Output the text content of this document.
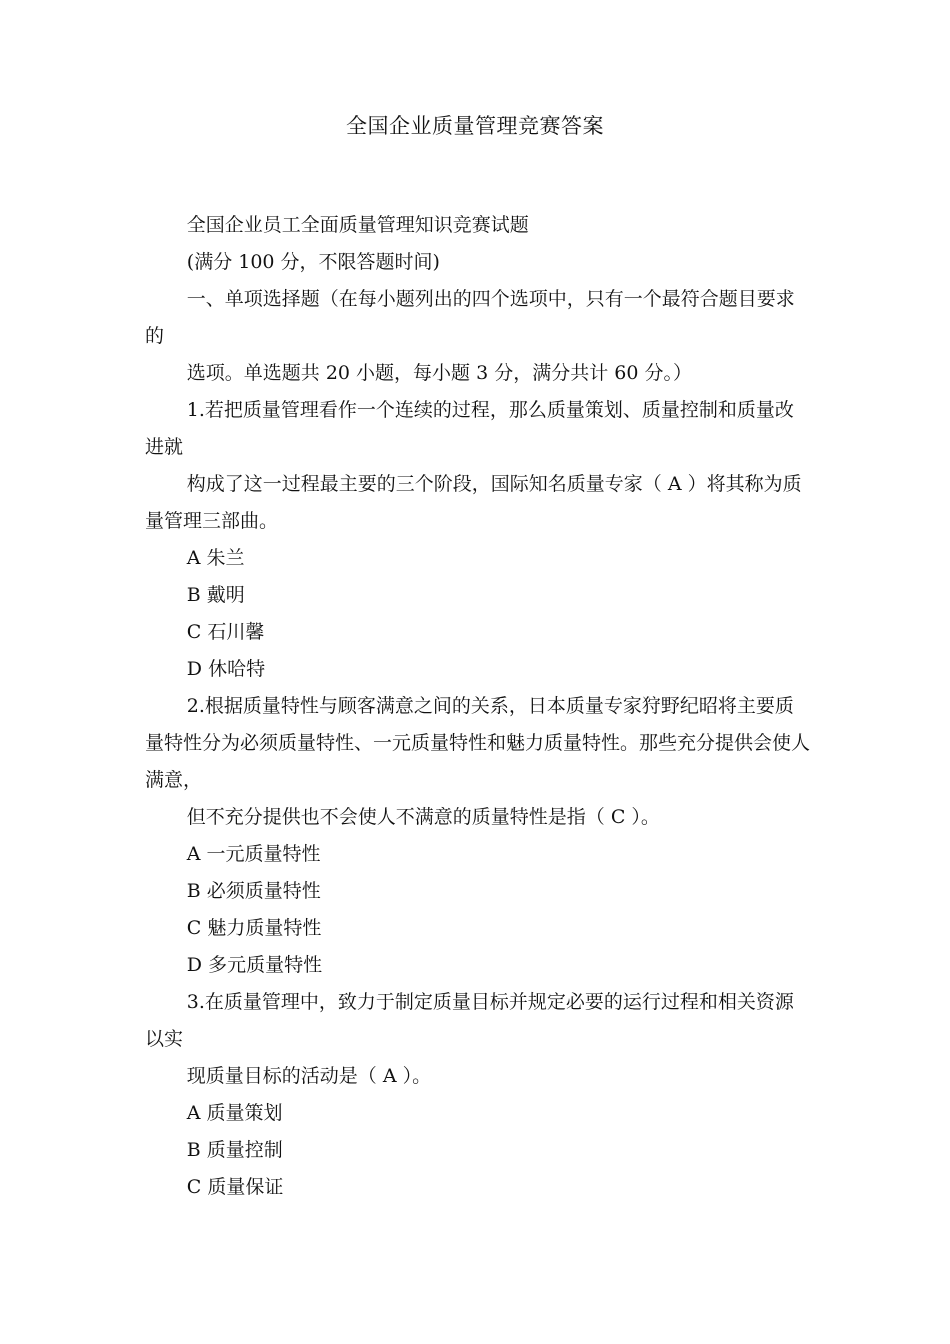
全国企业质量管理竞赛答案

全国企业员工全面质量管理知识竞赛试题

(满分 100 分，不限答题时间)

一、单项选择题（在每小题列出的四个选项中，只有一个最符合题目要求的

选项。单选题共 20 小题，每小题 3 分，满分共计 60 分。）

1.若把质量管理看作一个连续的过程，那么质量策划、质量控制和质量改进就

构成了这一过程最主要的三个阶段，国际知名质量专家（ A ）将其称为质量管理三部曲。

A 朱兰

B 戴明

C 石川馨

D 休哈特

2.根据质量特性与顾客满意之间的关系，日本质量专家狩野纪昭将主要质量特性分为必须质量特性、一元质量特性和魅力质量特性。那些充分提供会使人满意，

但不充分提供也不会使人不满意的质量特性是指（ C ）。

A 一元质量特性

B 必须质量特性

C 魅力质量特性

D 多元质量特性

3.在质量管理中，致力于制定质量目标并规定必要的运行过程和相关资源以实

现质量目标的活动是（ A ）。

A 质量策划

B 质量控制

C 质量保证
